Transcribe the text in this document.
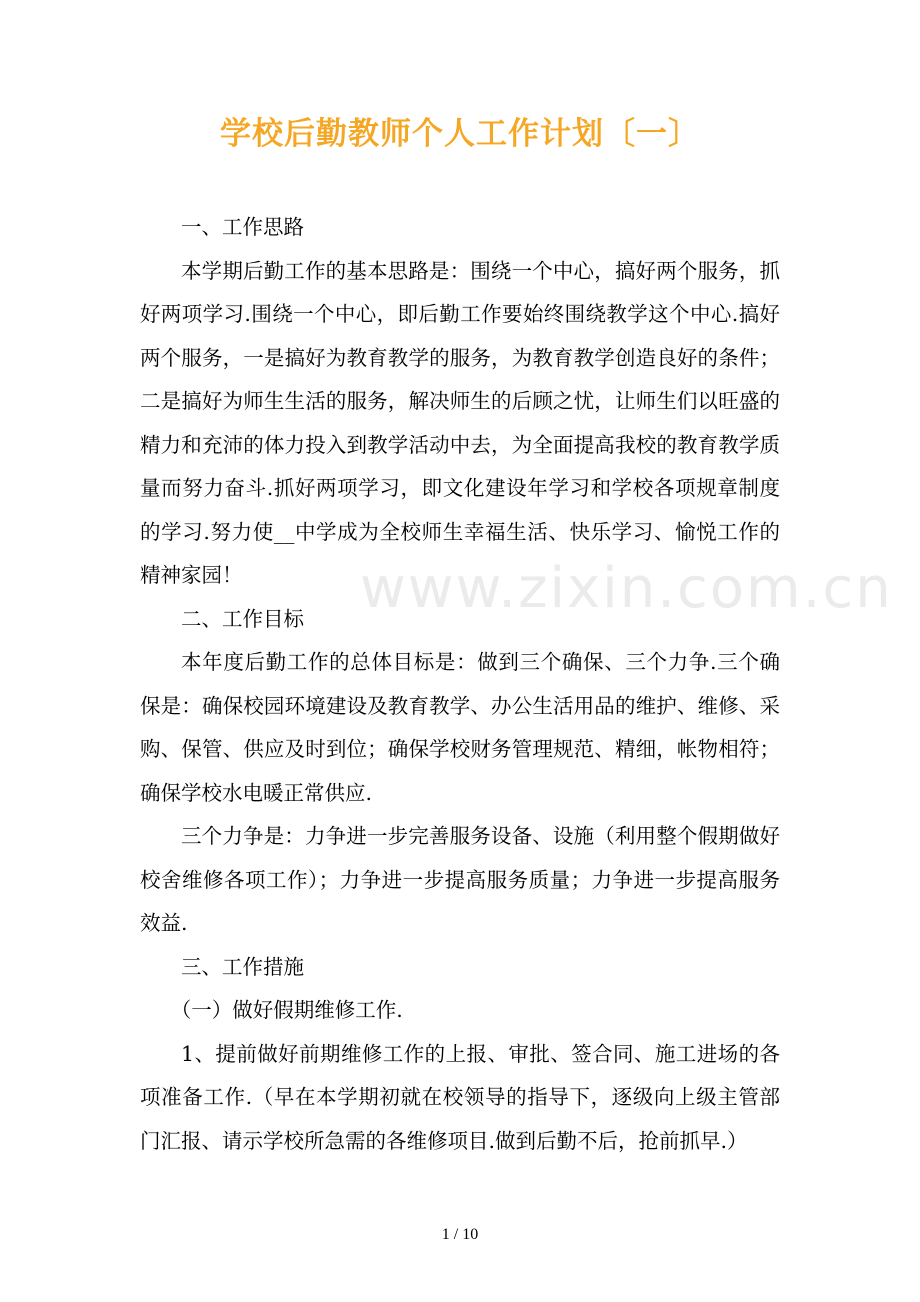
www.zixin.com.cn
学校后勤教师个人工作计划〔一〕

一、工作思路

本学期后勤工作的基本思路是：围绕一个中心，搞好两个服务，抓好两项学习.围绕一个中心，即后勤工作要始终围绕教学这个中心.搞好两个服务，一是搞好为教育教学的服务，为教育教学创造良好的条件；二是搞好为师生生活的服务，解决师生的后顾之忧，让师生们以旺盛的精力和充沛的体力投入到教学活动中去，为全面提高我校的教育教学质量而努力奋斗.抓好两项学习，即文化建设年学习和学校各项规章制度的学习.努力使__中学成为全校师生幸福生活、快乐学习、愉悦工作的精神家园！

二、工作目标

本年度后勤工作的总体目标是：做到三个确保、三个力争.三个确保是：确保校园环境建设及教育教学、办公生活用品的维护、维修、采购、保管、供应及时到位；确保学校财务管理规范、精细，帐物相符；确保学校水电暖正常供应.

三个力争是：力争进一步完善服务设备、设施（利用整个假期做好校舍维修各项工作）；力争进一步提高服务质量；力争进一步提高服务效益.

三、工作措施

（一）做好假期维修工作.

1、提前做好前期维修工作的上报、审批、签合同、施工进场的各项准备工作.（早在本学期初就在校领导的指导下，逐级向上级主管部门汇报、请示学校所急需的各维修项目.做到后勤不后，抢前抓早.）

1 / 10
